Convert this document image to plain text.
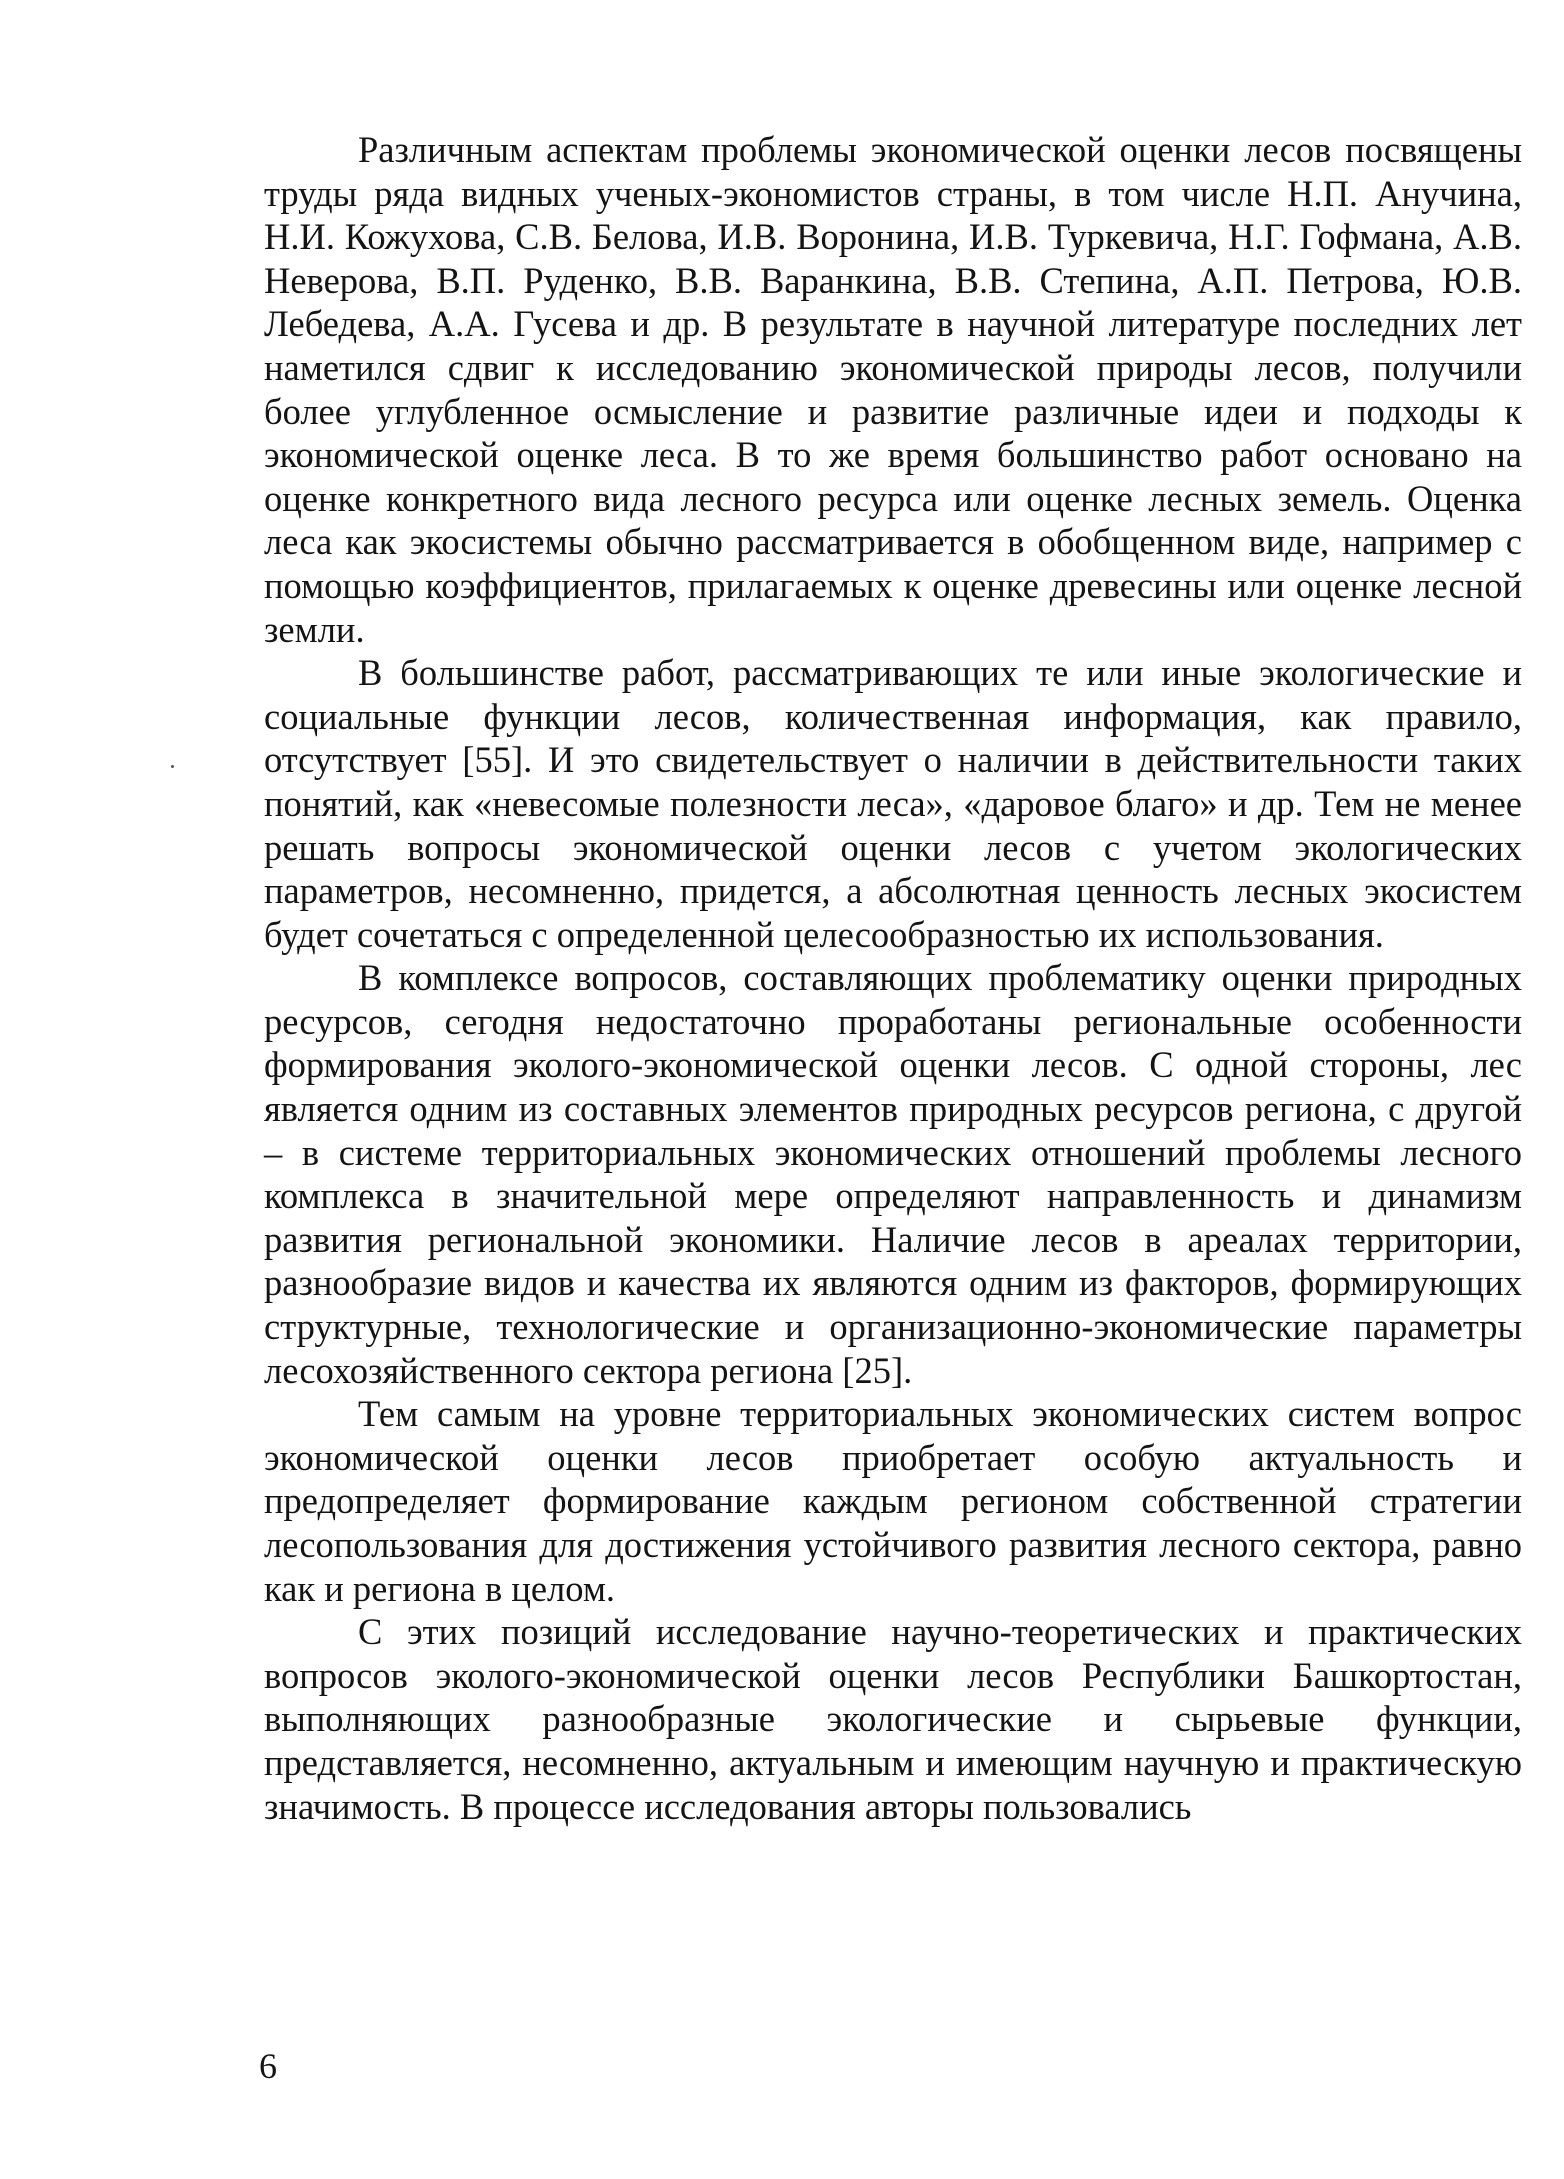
Различным аспектам проблемы экономической оценки лесов посвящены труды ряда видных ученых-экономистов страны, в том числе Н.П. Анучина, Н.И. Кожухова, С.В. Белова, И.В. Воронина, И.В. Туркевича, Н.Г. Гофмана, А.В. Неверова, В.П. Руденко, В.В. Варанкина, В.В. Степина, А.П. Петрова, Ю.В. Лебедева, А.А. Гусева и др. В результате в научной литературе последних лет наметился сдвиг к исследованию экономической природы лесов, получили более углубленное осмысление и развитие различные идеи и подходы к экономической оценке леса. В то же время большинство работ основано на оценке конкретного вида лесного ресурса или оценке лесных земель. Оценка леса как экосистемы обычно рассматривается в обобщенном виде, например с помощью коэффициентов, прилагаемых к оценке древесины или оценке лесной земли.

В большинстве работ, рассматривающих те или иные экологические и социальные функции лесов, количественная информация, как правило, отсутствует [55]. И это свидетельствует о наличии в действительности таких понятий, как «невесомые полезности леса», «даровое благо» и др. Тем не менее решать вопросы экономической оценки лесов с учетом экологических параметров, несомненно, придется, а абсолютная ценность лесных экосистем будет сочетаться с определенной целесообразностью их использования.

В комплексе вопросов, составляющих проблематику оценки природных ресурсов, сегодня недостаточно проработаны региональные особенности формирования эколого-экономической оценки лесов. С одной стороны, лес является одним из составных элементов природных ресурсов региона, с другой – в системе территориальных экономических отношений проблемы лесного комплекса в значительной мере определяют направленность и динамизм развития региональной экономики. Наличие лесов в ареалах территории, разнообразие видов и качества их являются одним из факторов, формирующих структурные, технологические и организационно-экономические параметры лесохозяйственного сектора региона [25].

Тем самым на уровне территориальных экономических систем вопрос экономической оценки лесов приобретает особую актуальность и предопределяет формирование каждым регионом собственной стратегии лесопользования для достижения устойчивого развития лесного сектора, равно как и региона в целом.

С этих позиций исследование научно-теоретических и практических вопросов эколого-экономической оценки лесов Республики Башкортостан, выполняющих разнообразные экологические и сырьевые функции, представляется, несомненно, актуальным и имеющим научную и практическую значимость. В процессе исследования авторы пользовались

6
